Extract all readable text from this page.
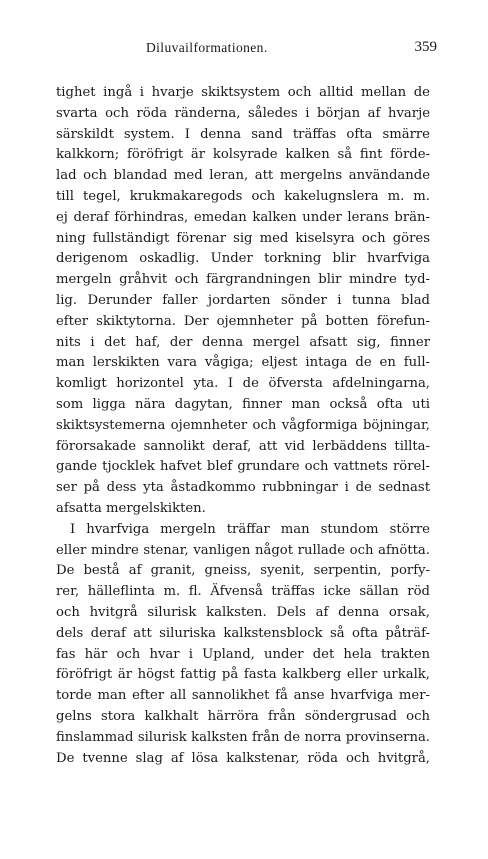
Diluvailformationen.	359
tighet ingå i hvarje skiktsystem och alltid mellan de
svarta och röda ränderna, således i början af hvarje
särskildt system. I denna sand träffas ofta smärre
kalkkorn; föröfrigt är kolsyrade kalken så fint förde-
lad och blandad med leran, att mergelns användande
till tegel, krukmakaregods och kakelugnslera m. m.
ej deraf förhindras, emedan kalken under lerans brän-
ning fullständigt förenar sig med kiselsyra och göres
derigenom oskadlig. Under torkning blir hvarfviga
mergeln gråhvit och färgrandningen blir mindre tyd-
lig. Derunder faller jordarten sönder i tunna blad
efter skiktytorna. Der ojemnheter på botten förefun-
nits i det haf, der denna mergel afsatt sig, finner
man lerskikten vara vågiga; eljest intaga de en full-
komligt horizontel yta. I de öfversta afdelningarna,
som ligga nära dagytan, finner man också ofta uti
skiktsystemerna ojemnheter och vågformiga böjningar,
förorsakade sannolikt deraf, att vid lerbäddens tillta-
gande tjocklek hafvet blef grundare och vattnets rörel-
ser på dess yta åstadkommo rubbningar i de sednast
afsatta mergelskikten.
I hvarfviga mergeln träffar man stundom större
eller mindre stenar, vanligen något rullade och afnötta.
De bestå af granit, gneiss, syenit, serpentin, porfy-
rer, hälleflinta m. fl. Äfvenså träffas icke sällan röd
och hvitgrå silurisk kalksten. Dels af denna orsak,
dels deraf att siluriska kalkstensblock så ofta påträf-
fas här och hvar i Upland, under det hela trakten
föröfrigt är högst fattig på fasta kalkberg eller urkalk,
torde man efter all sannolikhet få anse hvarfviga mer-
gelns stora kalkhalt härröra från söndergrusad och
finslammad silurisk kalksten från de norra provinserna.
De tvenne slag af lösa kalkstenar, röda och hvitgrå,
